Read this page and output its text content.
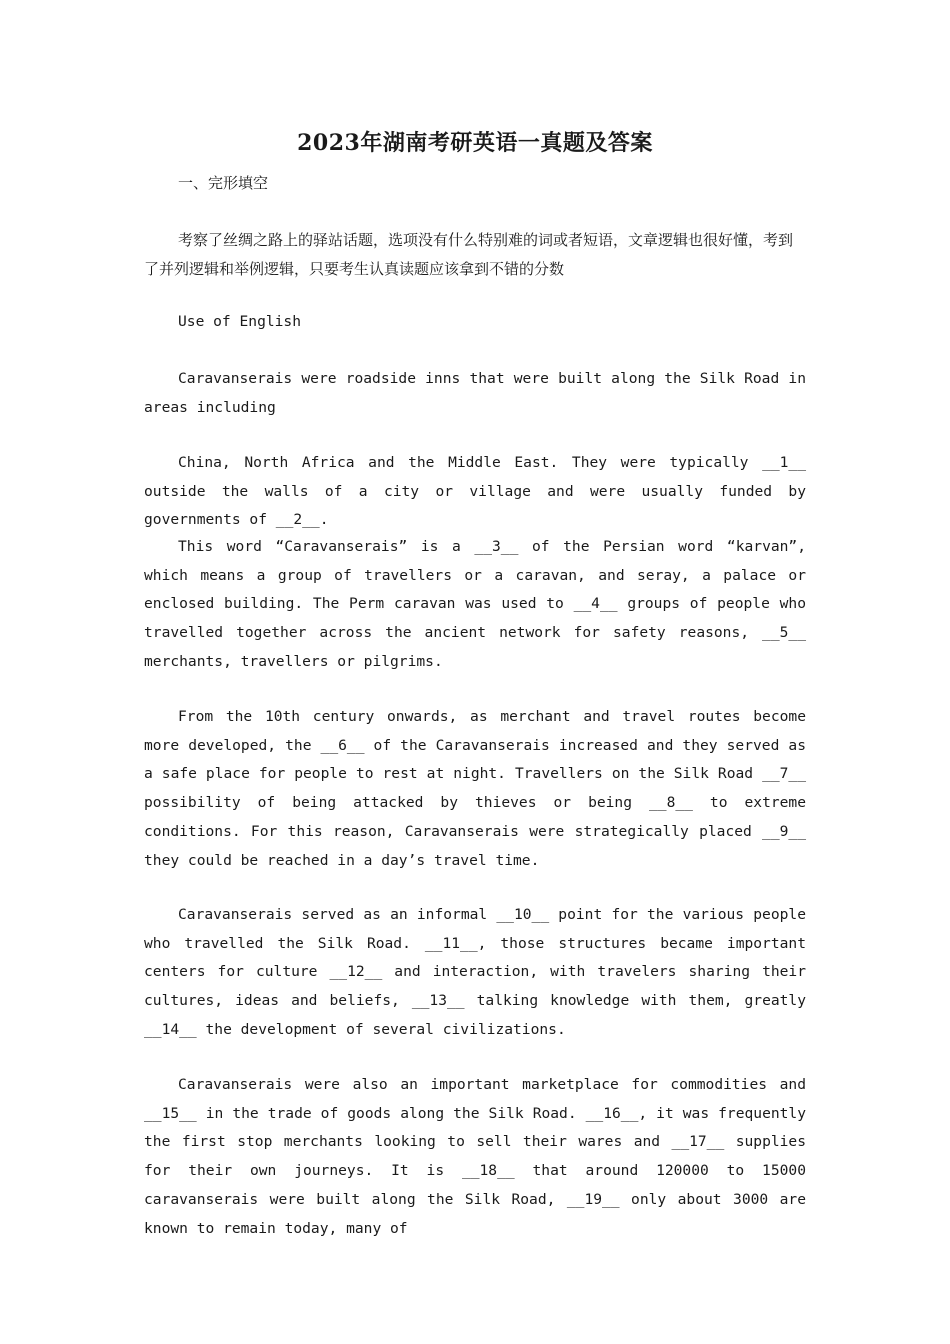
2023年湖南考研英语一真题及答案
一、完形填空

考察了丝绸之路上的驿站话题，选项没有什么特别难的词或者短语，文章逻辑也很好懂，考到了并列逻辑和举例逻辑，只要考生认真读题应该拿到不错的分数

Use of English

Caravanserais were roadside inns that were built along the Silk Road in areas including

China, North Africa and the Middle East. They were typically __1__ outside the walls of a city or village and were usually funded by governments of __2__.

This word “Caravanserais” is a __3__ of the Persian word “karvan”, which means a group of travellers or a caravan, and seray, a palace or enclosed building. The Perm caravan was used to __4__ groups of people who travelled together across the ancient network for safety reasons, __5__ merchants, travellers or pilgrims.

From the 10th century onwards, as merchant and travel routes become more developed, the __6__ of the Caravanserais increased and they served as a safe place for people to rest at night. Travellers on the Silk Road __7__ possibility of being attacked by thieves or being __8__ to extreme conditions. For this reason, Caravanserais were strategically placed __9__ they could be reached in a day’s travel time.

Caravanserais served as an informal __10__ point for the various people who travelled the Silk Road. __11__, those structures became important centers for culture __12__ and interaction, with travelers sharing their cultures, ideas and beliefs, __13__ talking knowledge with them, greatly __14__ the development of several civilizations.

Caravanserais were also an important marketplace for commodities and __15__ in the trade of goods along the Silk Road. __16__, it was frequently the first stop merchants looking to sell their wares and __17__ supplies for their own journeys. It is __18__ that around 120000 to 15000 caravanserais were built along the Silk Road, __19__ only about 3000 are known to remain today, many of
